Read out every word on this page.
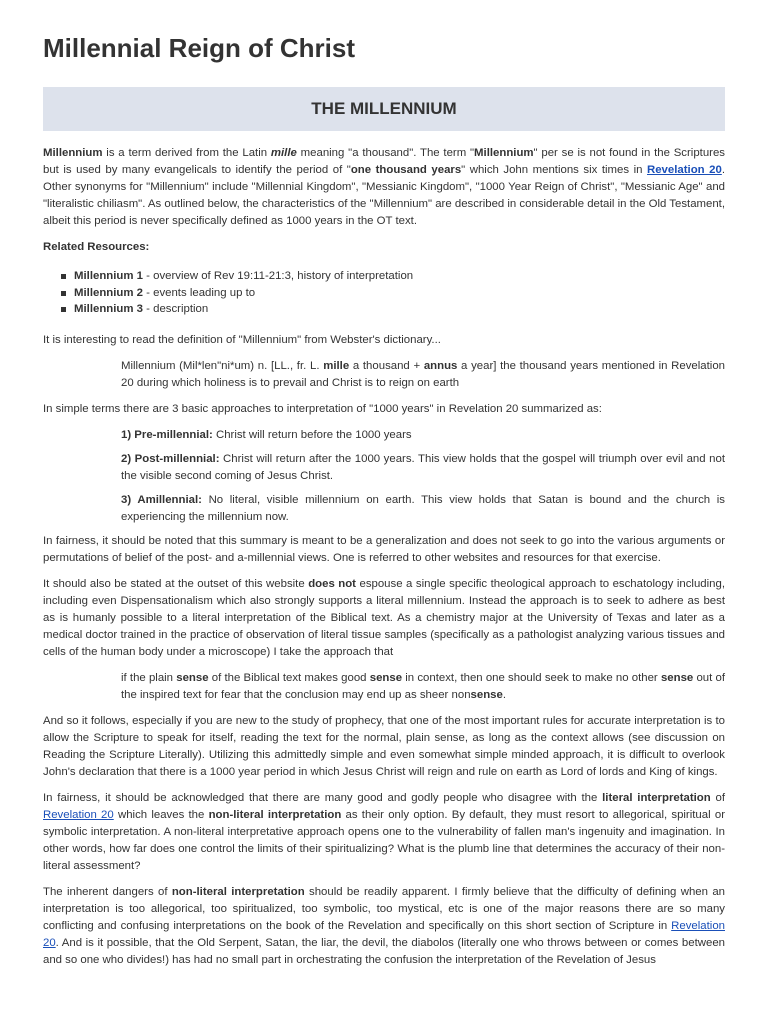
Millennial Reign of Christ
THE MILLENNIUM

Millennium is a term derived from the Latin mille meaning "a thousand". The term "Millennium" per se is not found in the Scriptures but is used by many evangelicals to identify the period of "one thousand years" which John mentions six times in Revelation 20. Other synonyms for "Millennium" include "Millennial Kingdom", "Messianic Kingdom", "1000 Year Reign of Christ", "Messianic Age" and "literalistic chiliasm". As outlined below, the characteristics of the "Millennium" are described in considerable detail in the Old Testament, albeit this period is never specifically defined as 1000 years in the OT text.

Related Resources:

Millennium 1 - overview of Rev 19:11-21:3, history of interpretation
Millennium 2 - events leading up to
Millennium 3 - description

It is interesting to read the definition of "Millennium" from Webster's dictionary...

Millennium (Mil*len"ni*um) n. [LL., fr. L. mille a thousand + annus a year] the thousand years mentioned in Revelation 20 during which holiness is to prevail and Christ is to reign on earth

In simple terms there are 3 basic approaches to interpretation of "1000 years" in Revelation 20 summarized as:

1) Pre-millennial: Christ will return before the 1000 years

2) Post-millennial: Christ will return after the 1000 years. This view holds that the gospel will triumph over evil and not the visible second coming of Jesus Christ.

3) Amillennial: No literal, visible millennium on earth. This view holds that Satan is bound and the church is experiencing the millennium now.

In fairness, it should be noted that this summary is meant to be a generalization and does not seek to go into the various arguments or permutations of belief of the post- and a-millennial views. One is referred to other websites and resources for that exercise.

It should also be stated at the outset of this website does not espouse a single specific theological approach to eschatology including, including even Dispensationalism which also strongly supports a literal millennium. Instead the approach is to seek to adhere as best as is humanly possible to a literal interpretation of the Biblical text. As a chemistry major at the University of Texas and later as a medical doctor trained in the practice of observation of literal tissue samples (specifically as a pathologist analyzing various tissues and cells of the human body under a microscope) I take the approach that

if the plain sense of the Biblical text makes good sense in context, then one should seek to make no other sense out of the inspired text for fear that the conclusion may end up as sheer nonsense.

And so it follows, especially if you are new to the study of prophecy, that one of the most important rules for accurate interpretation is to allow the Scripture to speak for itself, reading the text for the normal, plain sense, as long as the context allows (see discussion on Reading the Scripture Literally). Utilizing this admittedly simple and even somewhat simple minded approach, it is difficult to overlook John's declaration that there is a 1000 year period in which Jesus Christ will reign and rule on earth as Lord of lords and King of kings.

In fairness, it should be acknowledged that there are many good and godly people who disagree with the literal interpretation of Revelation 20 which leaves the non-literal interpretation as their only option. By default, they must resort to allegorical, spiritual or symbolic interpretation. A non-literal interpretative approach opens one to the vulnerability of fallen man's ingenuity and imagination. In other words, how far does one control the limits of their spiritualizing? What is the plumb line that determines the accuracy of their non-literal assessment?

The inherent dangers of non-literal interpretation should be readily apparent. I firmly believe that the difficulty of defining when an interpretation is too allegorical, too spiritualized, too symbolic, too mystical, etc is one of the major reasons there are so many conflicting and confusing interpretations on the book of the Revelation and specifically on this short section of Scripture in Revelation 20. And is it possible, that the Old Serpent, Satan, the liar, the devil, the diabolos (literally one who throws between or comes between and so one who divides!) has had no small part in orchestrating the confusion the interpretation of the Revelation of Jesus
